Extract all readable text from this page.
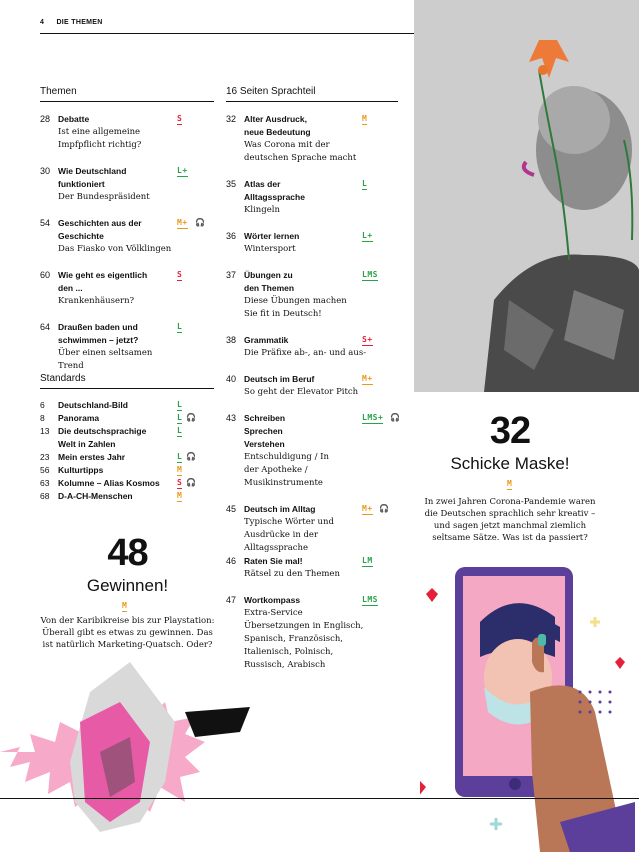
4 DIE THEMEN
Themen
28 Debatte
Ist eine allgemeine Impfpflicht richtig?
S
30 Wie Deutschland funktioniert
Der Bundespräsident
L+
54 Geschichten aus der Geschichte
Das Fiasko von Völklingen
M+ 🎧
60 Wie geht es eigentlich den ...
Krankenhäusern?
S
64 Draußen baden und schwimmen – jetzt?
Über einen seltsamen Trend
L
Standards
6	Deutschland-Bild	L
8	Panorama	L 🎧
13	Die deutschsprachige	L
Welt in Zahlen
23	Mein erstes Jahr	L 🎧
56	Kulturtipps	M
63	Kolumne – Alias Kosmos S 🎧
68	D-A-CH-Menschen	M
48
Gewinnen!
M
Von der Karibikreise bis zur Playstation: Überall gibt es etwas zu gewinnen. Das ist natürlich Marketing-Quatsch. Oder?
16 Seiten Sprachteil
32 Alter Ausdruck, neue Bedeutung
Was Corona mit der deutschen Sprache macht
M
35 Atlas der Alltagssprache
Klingeln
L
36 Wörter lernen
Wintersport
L+
37 Übungen zu den Themen
Diese Übungen machen Sie fit in Deutsch!
LMS
38 Grammatik
Die Präfixe ab-, an- und aus-
S+
40 Deutsch im Beruf
So geht der Elevator Pitch
M+
43 Schreiben Sprechen Verstehen
Entschuldigung / In der Apotheke / Musikinstrumente
LMS+ 🎧
45 Deutsch im Alltag
Typische Wörter und Ausdrücke in der Alltagssprache
M+ 🎧
46 Raten Sie mal!
Rätsel zu den Themen
LM
47 Wortkompass
Extra-Service Übersetzungen in Englisch, Spanisch, Französisch, Italienisch, Polnisch, Russisch, Arabisch
LMS
32
Schicke Maske!
M
In zwei Jahren Corona-Pandemie waren die Deutschen sprachlich sehr kreativ – und sagen jetzt manchmal ziemlich seltsame Sätze. Was ist da passiert?
